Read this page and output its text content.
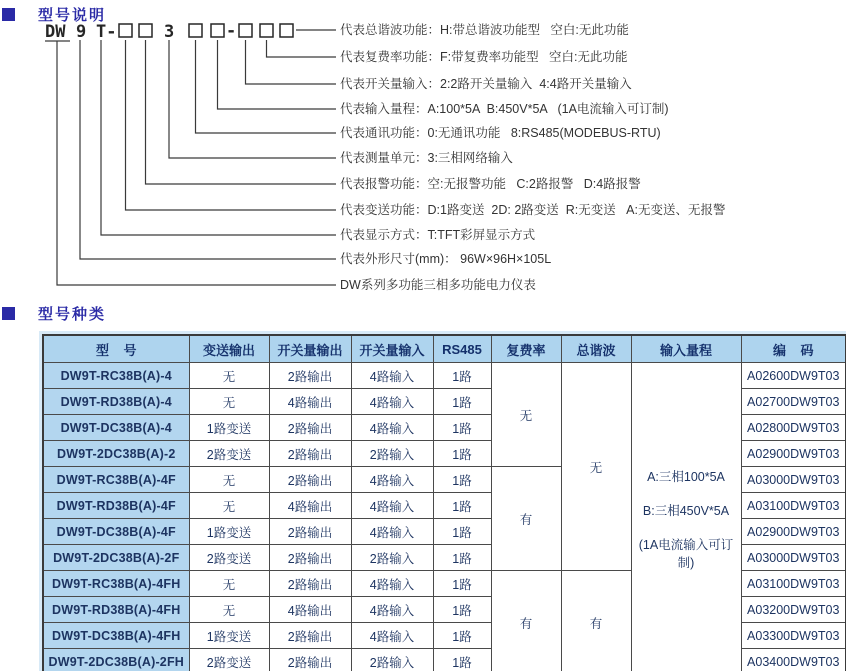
型号说明
DW 9 T-	3	-	代表总谐波功能：H:带总谐波功能型   空白:无此功能
代表复费率功能：F:带复费率功能型   空白:无此功能
代表开关量输入：2:2路开关量输入  4:4路开关量输入
代表输入量程：A:100*5A  B:450V*5A   (1A电流输入可订制)
代表通讯功能：0:无通讯功能   8:RS485(MODEBUS-RTU)
代表测量单元：3:三相网络输入
代表报警功能：空:无报警功能   C:2路报警   D:4路报警
代表变送功能：D:1路变送  2D: 2路变送  R:无变送   A:无变送、无报警
代表显示方式：T:TFT彩屏显示方式
代表外形尺寸(mm)： 96W×96H×105L
DW系列多功能三相多功能电力仪表
型号种类
型    号	变送输出	开关量输出	开关量输入	RS485	复费率	总谐波	输入量程	编    码
DW9T-RC38B(A)-4	无	2路输出	4路输入	1路	无	无	A:三相100*5A
B:三相450V*5A
(1A电流输入可订制)	A02600DW9T03
DW9T-RD38B(A)-4	无	4路输出	4路输入	1路				A02700DW9T03
DW9T-DC38B(A)-4	1路变送	2路输出	4路输入	1路				A02800DW9T03
DW9T-2DC38B(A)-2	2路变送	2路输出	2路输入	1路				A02900DW9T03
DW9T-RC38B(A)-4F	无	2路输出	4路输入	1路	有			A03000DW9T03
DW9T-RD38B(A)-4F	无	4路输出	4路输入	1路				A03100DW9T03
DW9T-DC38B(A)-4F	1路变送	2路输出	4路输入	1路				A02900DW9T03
DW9T-2DC38B(A)-2F	2路变送	2路输出	2路输入	1路				A03000DW9T03
DW9T-RC38B(A)-4FH	无	2路输出	4路输入	1路	有	有		A03100DW9T03
DW9T-RD38B(A)-4FH	无	4路输出	4路输入	1路				A03200DW9T03
DW9T-DC38B(A)-4FH	1路变送	2路输出	4路输入	1路				A03300DW9T03
DW9T-2DC38B(A)-2FH	2路变送	2路输出	2路输入	1路				A03400DW9T03
